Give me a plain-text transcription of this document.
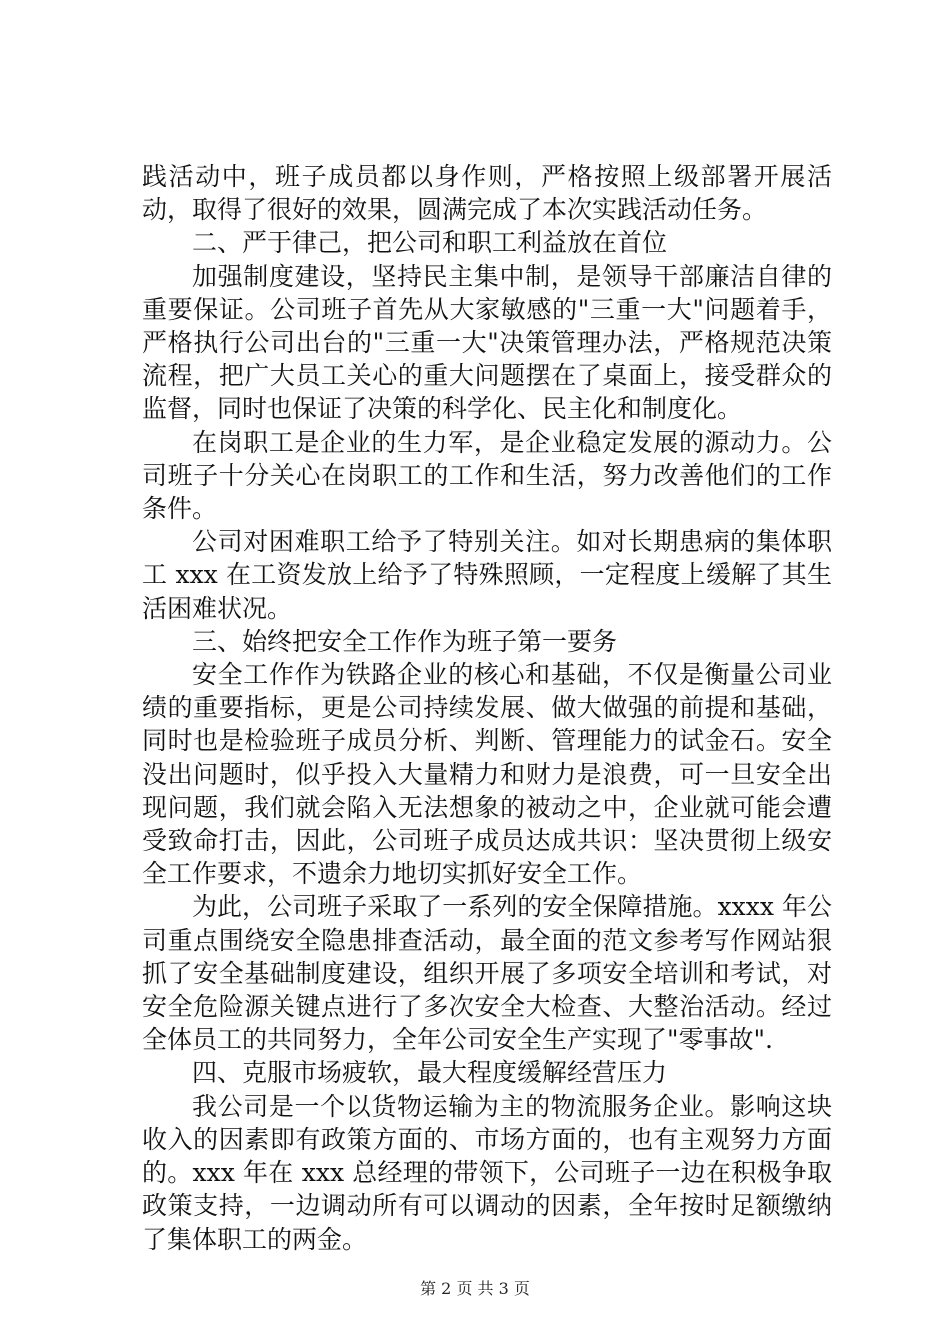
践活动中，班子成员都以身作则，严格按照上级部署开展活动，取得了很好的效果，圆满完成了本次实践活动任务。

二、严于律己，把公司和职工利益放在首位

加强制度建设，坚持民主集中制，是领导干部廉洁自律的重要保证。公司班子首先从大家敏感的"三重一大"问题着手，严格执行公司出台的"三重一大"决策管理办法，严格规范决策流程，把广大员工关心的重大问题摆在了桌面上，接受群众的监督，同时也保证了决策的科学化、民主化和制度化。

在岗职工是企业的生力军，是企业稳定发展的源动力。公司班子十分关心在岗职工的工作和生活，努力改善他们的工作条件。

公司对困难职工给予了特别关注。如对长期患病的集体职工 xxx 在工资发放上给予了特殊照顾，一定程度上缓解了其生活困难状况。

三、始终把安全工作作为班子第一要务

安全工作作为铁路企业的核心和基础，不仅是衡量公司业绩的重要指标，更是公司持续发展、做大做强的前提和基础，同时也是检验班子成员分析、判断、管理能力的试金石。安全没出问题时，似乎投入大量精力和财力是浪费，可一旦安全出现问题，我们就会陷入无法想象的被动之中，企业就可能会遭受致命打击，因此，公司班子成员达成共识：坚决贯彻上级安全工作要求，不遗余力地切实抓好安全工作。

为此，公司班子采取了一系列的安全保障措施。xxxx 年公司重点围绕安全隐患排查活动，最全面的范文参考写作网站狠抓了安全基础制度建设，组织开展了多项安全培训和考试，对安全危险源关键点进行了多次安全大检查、大整治活动。经过全体员工的共同努力，全年公司安全生产实现了"零事故".

四、克服市场疲软，最大程度缓解经营压力

我公司是一个以货物运输为主的物流服务企业。影响这块收入的因素即有政策方面的、市场方面的，也有主观努力方面的。xxx 年在 xxx 总经理的带领下，公司班子一边在积极争取政策支持，一边调动所有可以调动的因素，全年按时足额缴纳了集体职工的两金。

第 2 页 共 3 页
